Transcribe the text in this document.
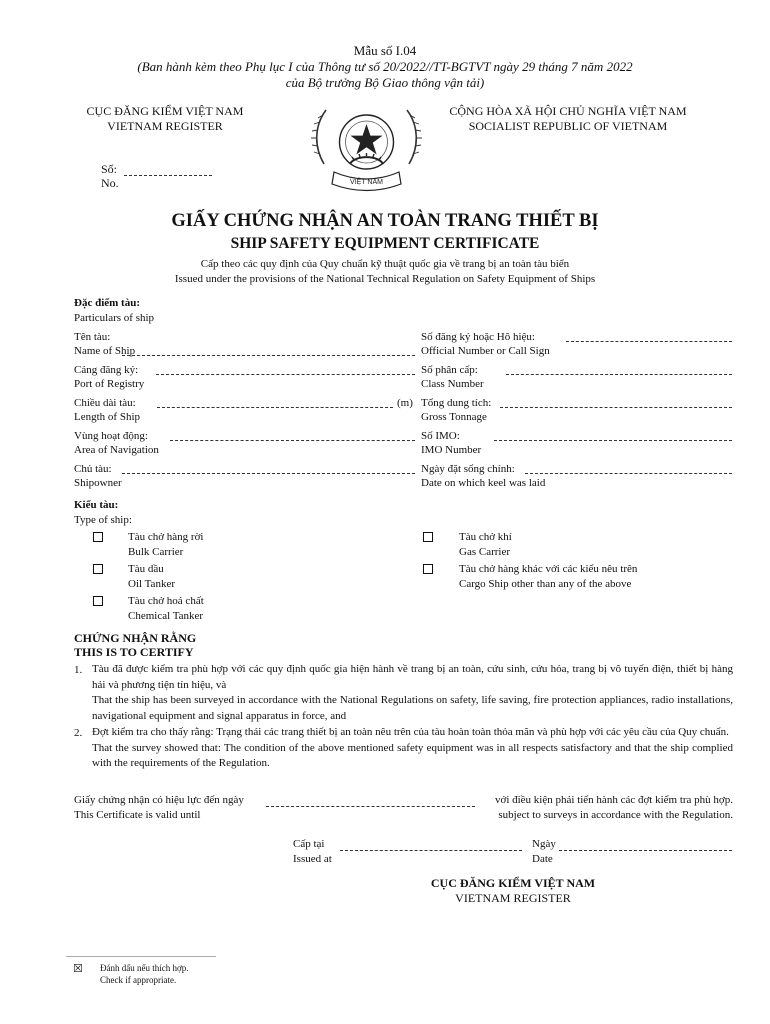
Mẫu số I.04
(Ban hành kèm theo Phụ lục I của Thông tư số 20/2022//TT-BGTVT ngày 29 tháng 7 năm 2022
của Bộ trưởng Bộ Giao thông vận tải)
CỤC ĐĂNG KIỂM VIỆT NAM
VIETNAM REGISTER
CỘNG HÒA XÃ HỘI CHỦ NGHĨA VIỆT NAM
SOCIALIST REPUBLIC OF VIETNAM
VIỆT NAM
Số:
No.
GIẤY CHỨNG NHẬN AN TOÀN TRANG THIẾT BỊ
SHIP SAFETY EQUIPMENT CERTIFICATE
Cấp theo các quy định của Quy chuẩn kỹ thuật quốc gia về trang bị an toàn tàu biển
Issued under the provisions of the National Technical Regulation on Safety Equipment of Ships
Đặc điểm tàu:
Particulars of ship
Tên tàu:
Name of Ship
Cảng đăng ký:
Port of Registry
Chiều dài tàu:
Length of Ship
(m)
Vùng hoạt động:
Area of Navigation
Chủ tàu:
Shipowner
Số đăng ký hoặc Hô hiệu:
Official Number or Call Sign
Số phân cấp:
Class Number
Tổng dung tích:
Gross Tonnage
Số IMO:
IMO Number
Ngày đặt sống chính:
Date on which keel was laid
Kiểu tàu:
Type of ship:
Tàu chở hàng rời
Bulk Carrier
Tàu dầu
Oil Tanker
Tàu chở hoá chất
Chemical Tanker
Tàu chở khí
Gas Carrier
Tàu chở hàng khác với các kiểu nêu trên
Cargo Ship other than any of the above
CHỨNG NHẬN RẰNG
THIS IS TO CERTIFY
1. Tàu đã được kiểm tra phù hợp với các quy định quốc gia hiện hành về trang bị an toàn, cứu sinh, cứu hỏa, trang bị vô tuyến điện, thiết bị hàng hải và phương tiện tín hiệu, và
That the ship has been surveyed in accordance with the National Regulations on safety, life saving, fire protection appliances, radio installations, navigational equipment and signal apparatus in force, and
2. Đợt kiểm tra cho thấy rằng: Trạng thái các trang thiết bị an toàn nêu trên của tàu hoàn toàn thỏa mãn và phù hợp với các yêu cầu của Quy chuẩn.
That the survey showed that: The condition of the above mentioned safety equipment was in all respects satisfactory and that the ship complied with the requirements of the Regulation.
Giấy chứng nhận có hiệu lực đến ngày
This Certificate is valid until
với điều kiện phải tiến hành các đợt kiểm tra phù hợp.
subject to surveys in accordance with the Regulation.
Cấp tại
Issued at
Ngày
Date
CỤC ĐĂNG KIỂM VIỆT NAM
VIETNAM REGISTER
☒ Đánh dấu nếu thích hợp.
Check if appropriate.
